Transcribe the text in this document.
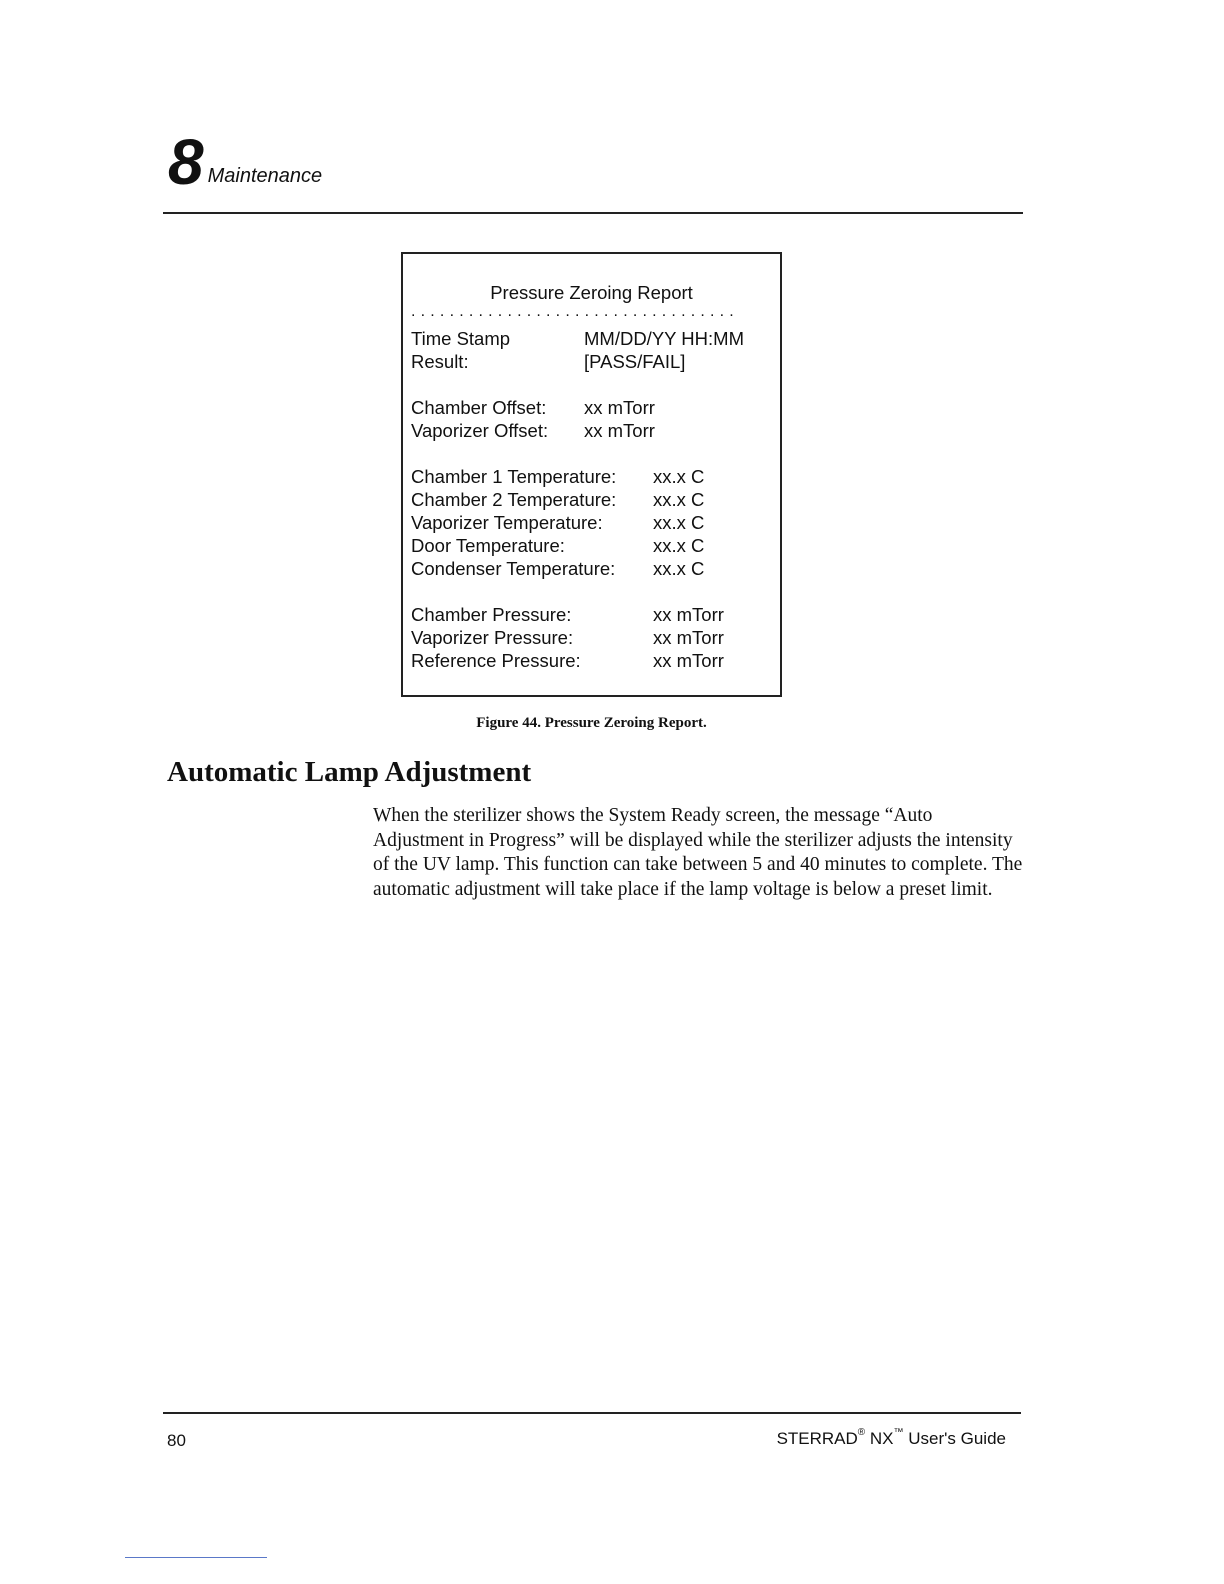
8 Maintenance
Pressure Zeroing Report
..................................
Time Stamp	MM/DD/YY HH:MM
Result:	[PASS/FAIL]
Chamber Offset:	xx mTorr
Vaporizer Offset:	xx mTorr
Chamber 1 Temperature:	xx.x C
Chamber 2 Temperature:	xx.x C
Vaporizer Temperature:	xx.x C
Door Temperature:	xx.x C
Condenser Temperature:	xx.x C
Chamber Pressure:	xx mTorr
Vaporizer Pressure:	xx mTorr
Reference Pressure:	xx mTorr
Figure 44. Pressure Zeroing Report.
Automatic Lamp Adjustment

When the sterilizer shows the System Ready screen, the message “Auto Adjustment in Progress” will be displayed while the sterilizer adjusts the intensity of the UV lamp. This function can take between 5 and 40 minutes to complete. The automatic adjustment will take place if the lamp voltage is below a preset limit.

80	STERRAD® NX™ User's Guide
